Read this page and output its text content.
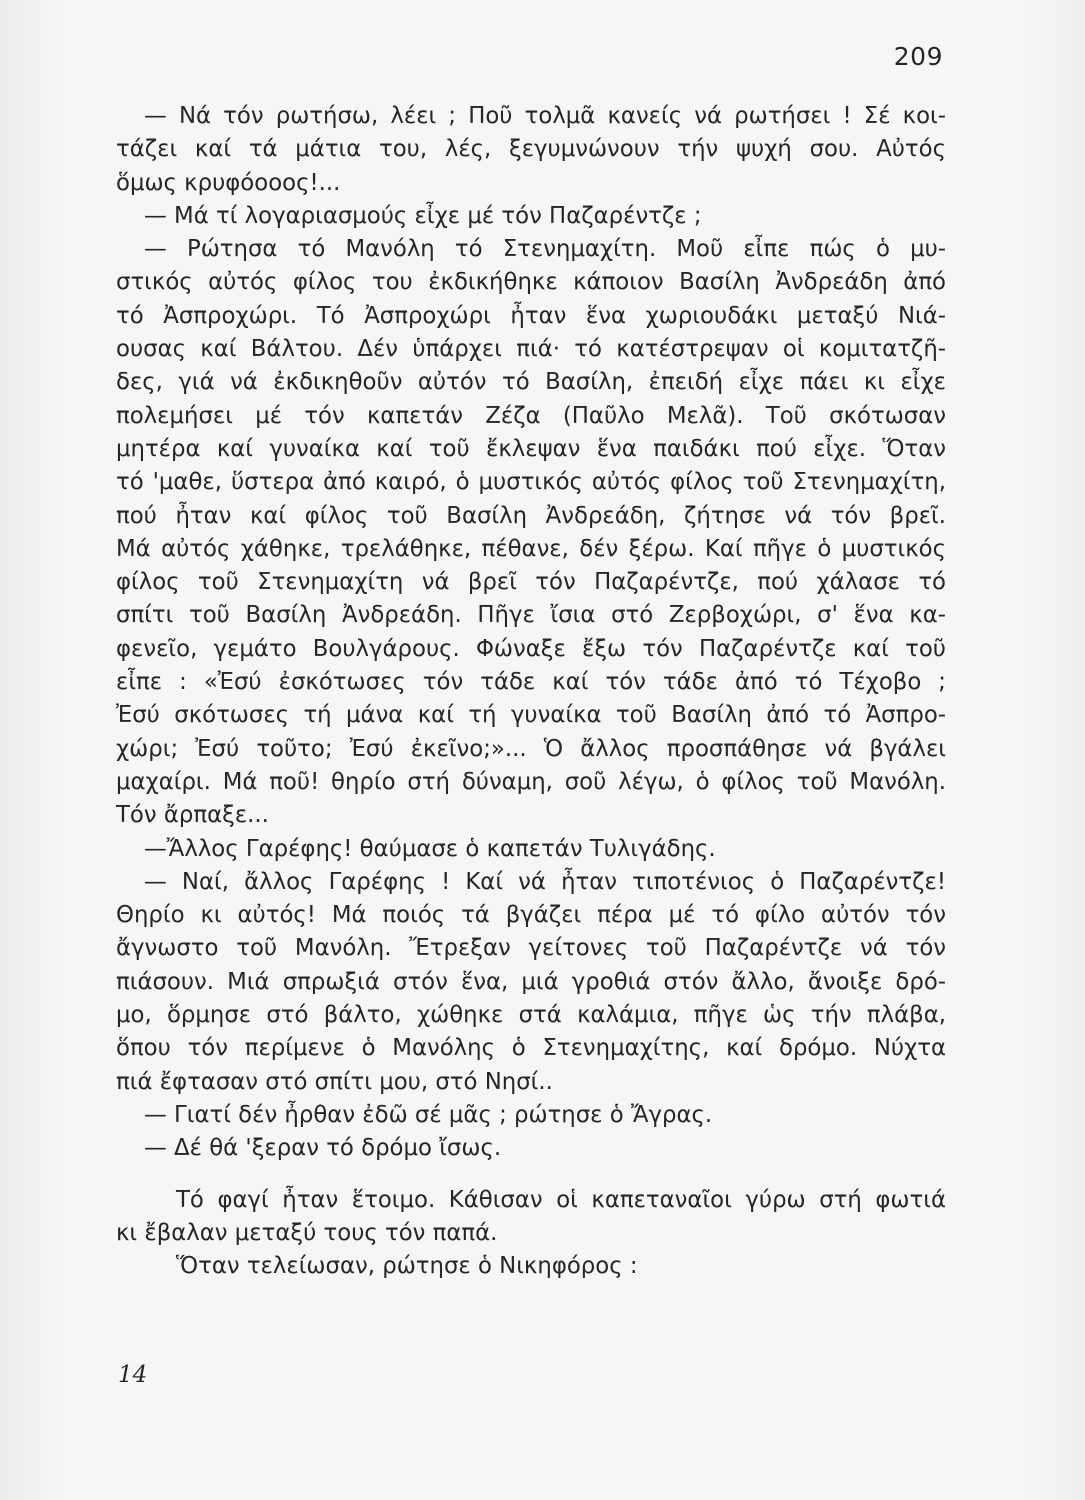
209
— Νά τόν ρωτήσω, λέει ; Ποῦ τολμᾶ κανείς νά ρωτήσει ! Σέ κοι-
τάζει καί τά μάτια του, λές, ξεγυμνώνουν τήν ψυχή σου. Αὐτός
ὅμως κρυφόοοος!...
— Μά τί λογαριασμούς εἶχε μέ τόν Παζαρέντζε ;
— Ρώτησα τό Μανόλη τό Στενημαχίτη. Μοῦ εἶπε πώς ὁ μυ-
στικός αὐτός φίλος του ἐκδικήθηκε κάποιον Βασίλη Ἀνδρεάδη ἀπό
τό Ἀσπροχώρι. Τό Ἀσπροχώρι ἦταν ἕνα χωριουδάκι μεταξύ Νιά-
ουσας καί Βάλτου. Δέν ὑπάρχει πιά· τό κατέστρεψαν οἱ κομιτατζῆ-
δες, γιά νά ἐκδικηθοῦν αὐτόν τό Βασίλη, ἐπειδή εἶχε πάει κι εἶχε
πολεμήσει μέ τόν καπετάν Ζέζα (Παῦλο Μελᾶ). Τοῦ σκότωσαν
μητέρα καί γυναίκα καί τοῦ ἔκλεψαν ἕνα παιδάκι πού εἶχε. Ὅταν
τό 'μαθε, ὕστερα ἀπό καιρό, ὁ μυστικός αὐτός φίλος τοῦ Στενημαχίτη,
πού ἦταν καί φίλος τοῦ Βασίλη Ἀνδρεάδη, ζήτησε νά τόν βρεῖ.
Μά αὐτός χάθηκε, τρελάθηκε, πέθανε, δέν ξέρω. Καί πῆγε ὁ μυστικός
φίλος τοῦ Στενημαχίτη νά βρεῖ τόν Παζαρέντζε, πού χάλασε τό
σπίτι τοῦ Βασίλη Ἀνδρεάδη. Πῆγε ἴσια στό Ζερβοχώρι, σ' ἕνα κα-
φενεῖο, γεμάτο Βουλγάρους. Φώναξε ἔξω τόν Παζαρέντζε καί τοῦ
εἶπε : «Ἐσύ ἐσκότωσες τόν τάδε καί τόν τάδε ἀπό τό Τέχοβο ;
Ἐσύ σκότωσες τή μάνα καί τή γυναίκα τοῦ Βασίλη ἀπό τό Ἀσπρο-
χώρι; Ἐσύ τοῦτο; Ἐσύ ἐκεῖνο;»... Ὁ ἄλλος προσπάθησε νά βγάλει
μαχαίρι. Μά ποῦ! θηρίο στή δύναμη, σοῦ λέγω, ὁ φίλος τοῦ Μανόλη.
Τόν ἄρπαξε...
—Ἄλλος Γαρέφης! θαύμασε ὁ καπετάν Τυλιγάδης.
— Ναί, ἄλλος Γαρέφης ! Καί νά ἦταν τιποτένιος ὁ Παζαρέντζε!
Θηρίο κι αὐτός! Μά ποιός τά βγάζει πέρα μέ τό φίλο αὐτόν τόν
ἄγνωστο τοῦ Μανόλη. Ἔτρεξαν γείτονες τοῦ Παζαρέντζε νά τόν
πιάσουν. Μιά σπρωξιά στόν ἕνα, μιά γροθιά στόν ἄλλο, ἄνοιξε δρό-
μο, ὅρμησε στό βάλτο, χώθηκε στά καλάμια, πῆγε ὡς τήν πλάβα,
ὅπου τόν περίμενε ὁ Μανόλης ὁ Στενημαχίτης, καί δρόμο. Νύχτα
πιά ἔφτασαν στό σπίτι μου, στό Νησί..
— Γιατί δέν ἦρθαν ἐδῶ σέ μᾶς ; ρώτησε ὁ Ἄγρας.
— Δέ θά 'ξεραν τό δρόμο ἴσως.
Τό φαγί ἦταν ἕτοιμο. Κάθισαν οἱ καπεταναῖοι γύρω στή φωτιά
κι ἔβαλαν μεταξύ τους τόν παπά.
Ὅταν τελείωσαν, ρώτησε ὁ Νικηφόρος :
14
